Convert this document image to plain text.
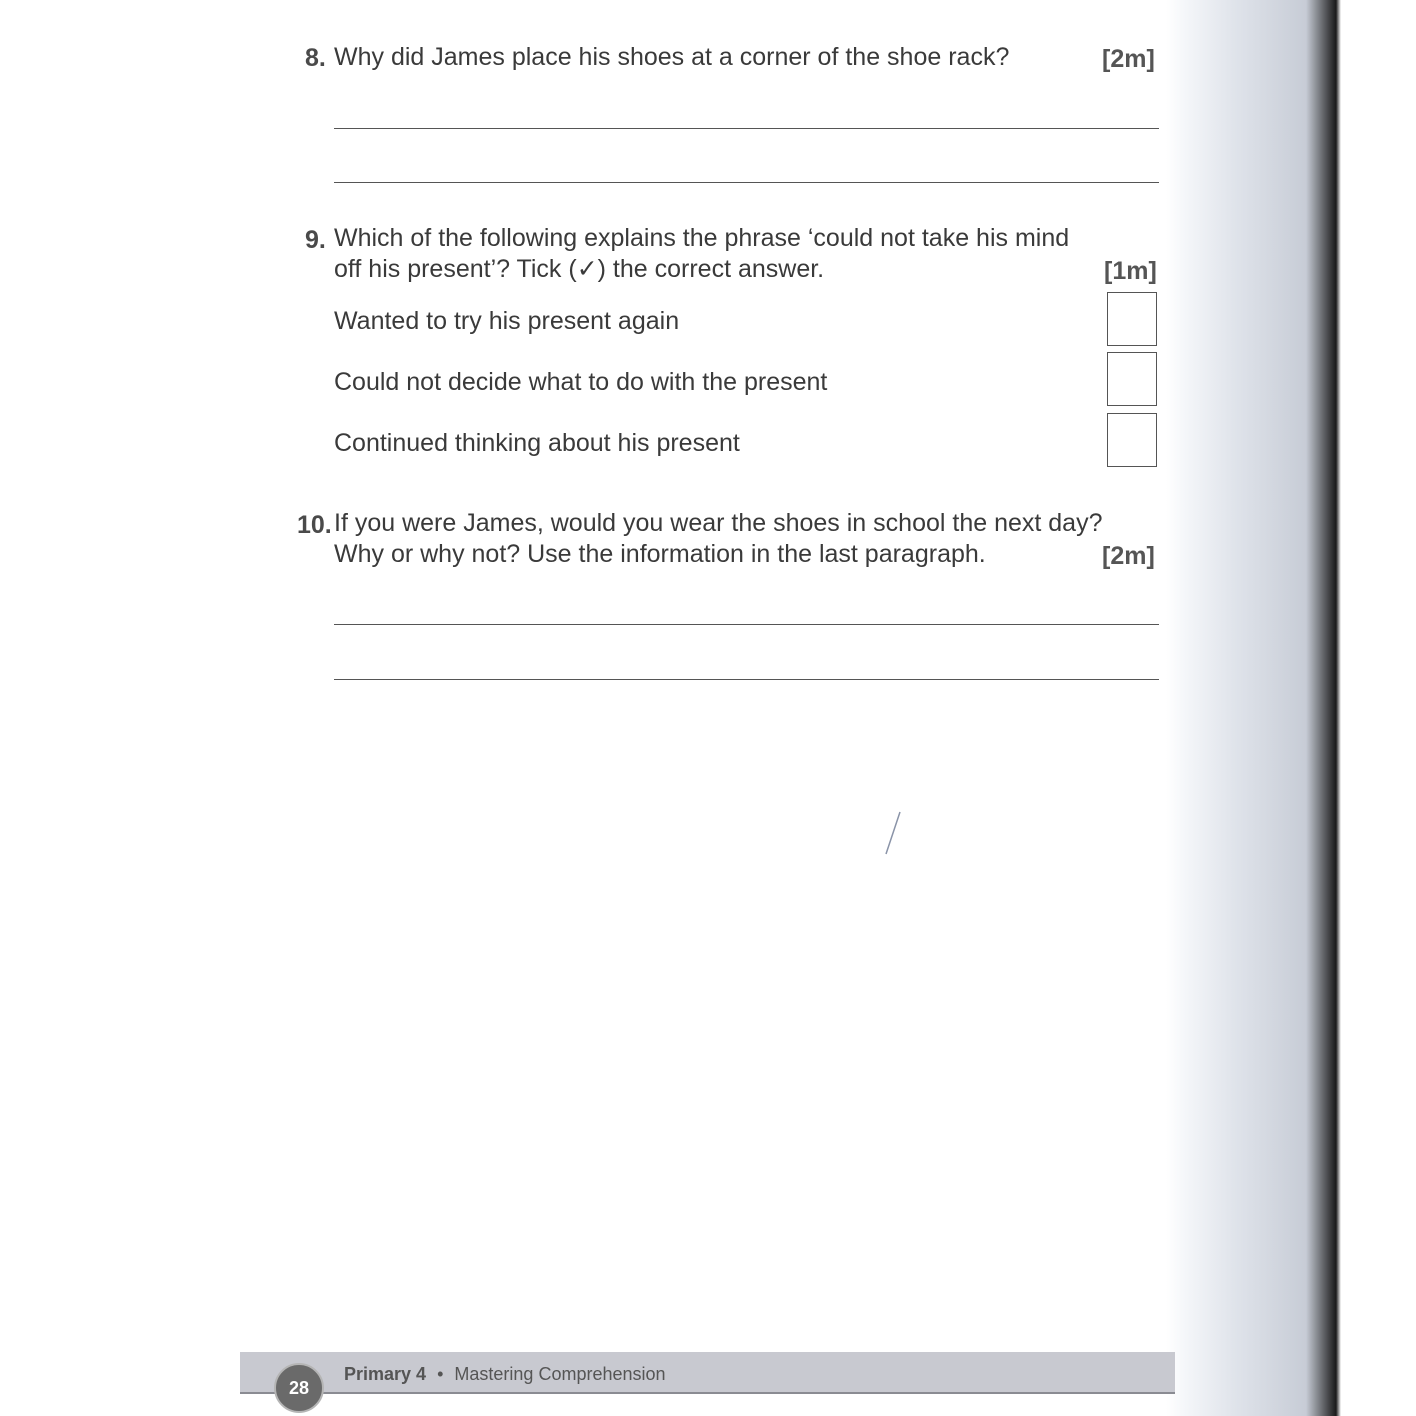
8. Why did James place his shoes at a corner of the shoe rack?	[2m]
9. Which of the following explains the phrase ‘could not take his mind
off his present’? Tick (✓) the correct answer.	[1m]
Wanted to try his present again
Could not decide what to do with the present
Continued thinking about his present
10. If you were James, would you wear the shoes in school the next day?
Why or why not? Use the information in the last paragraph.	[2m]
28
Primary 4 • Mastering Comprehension
